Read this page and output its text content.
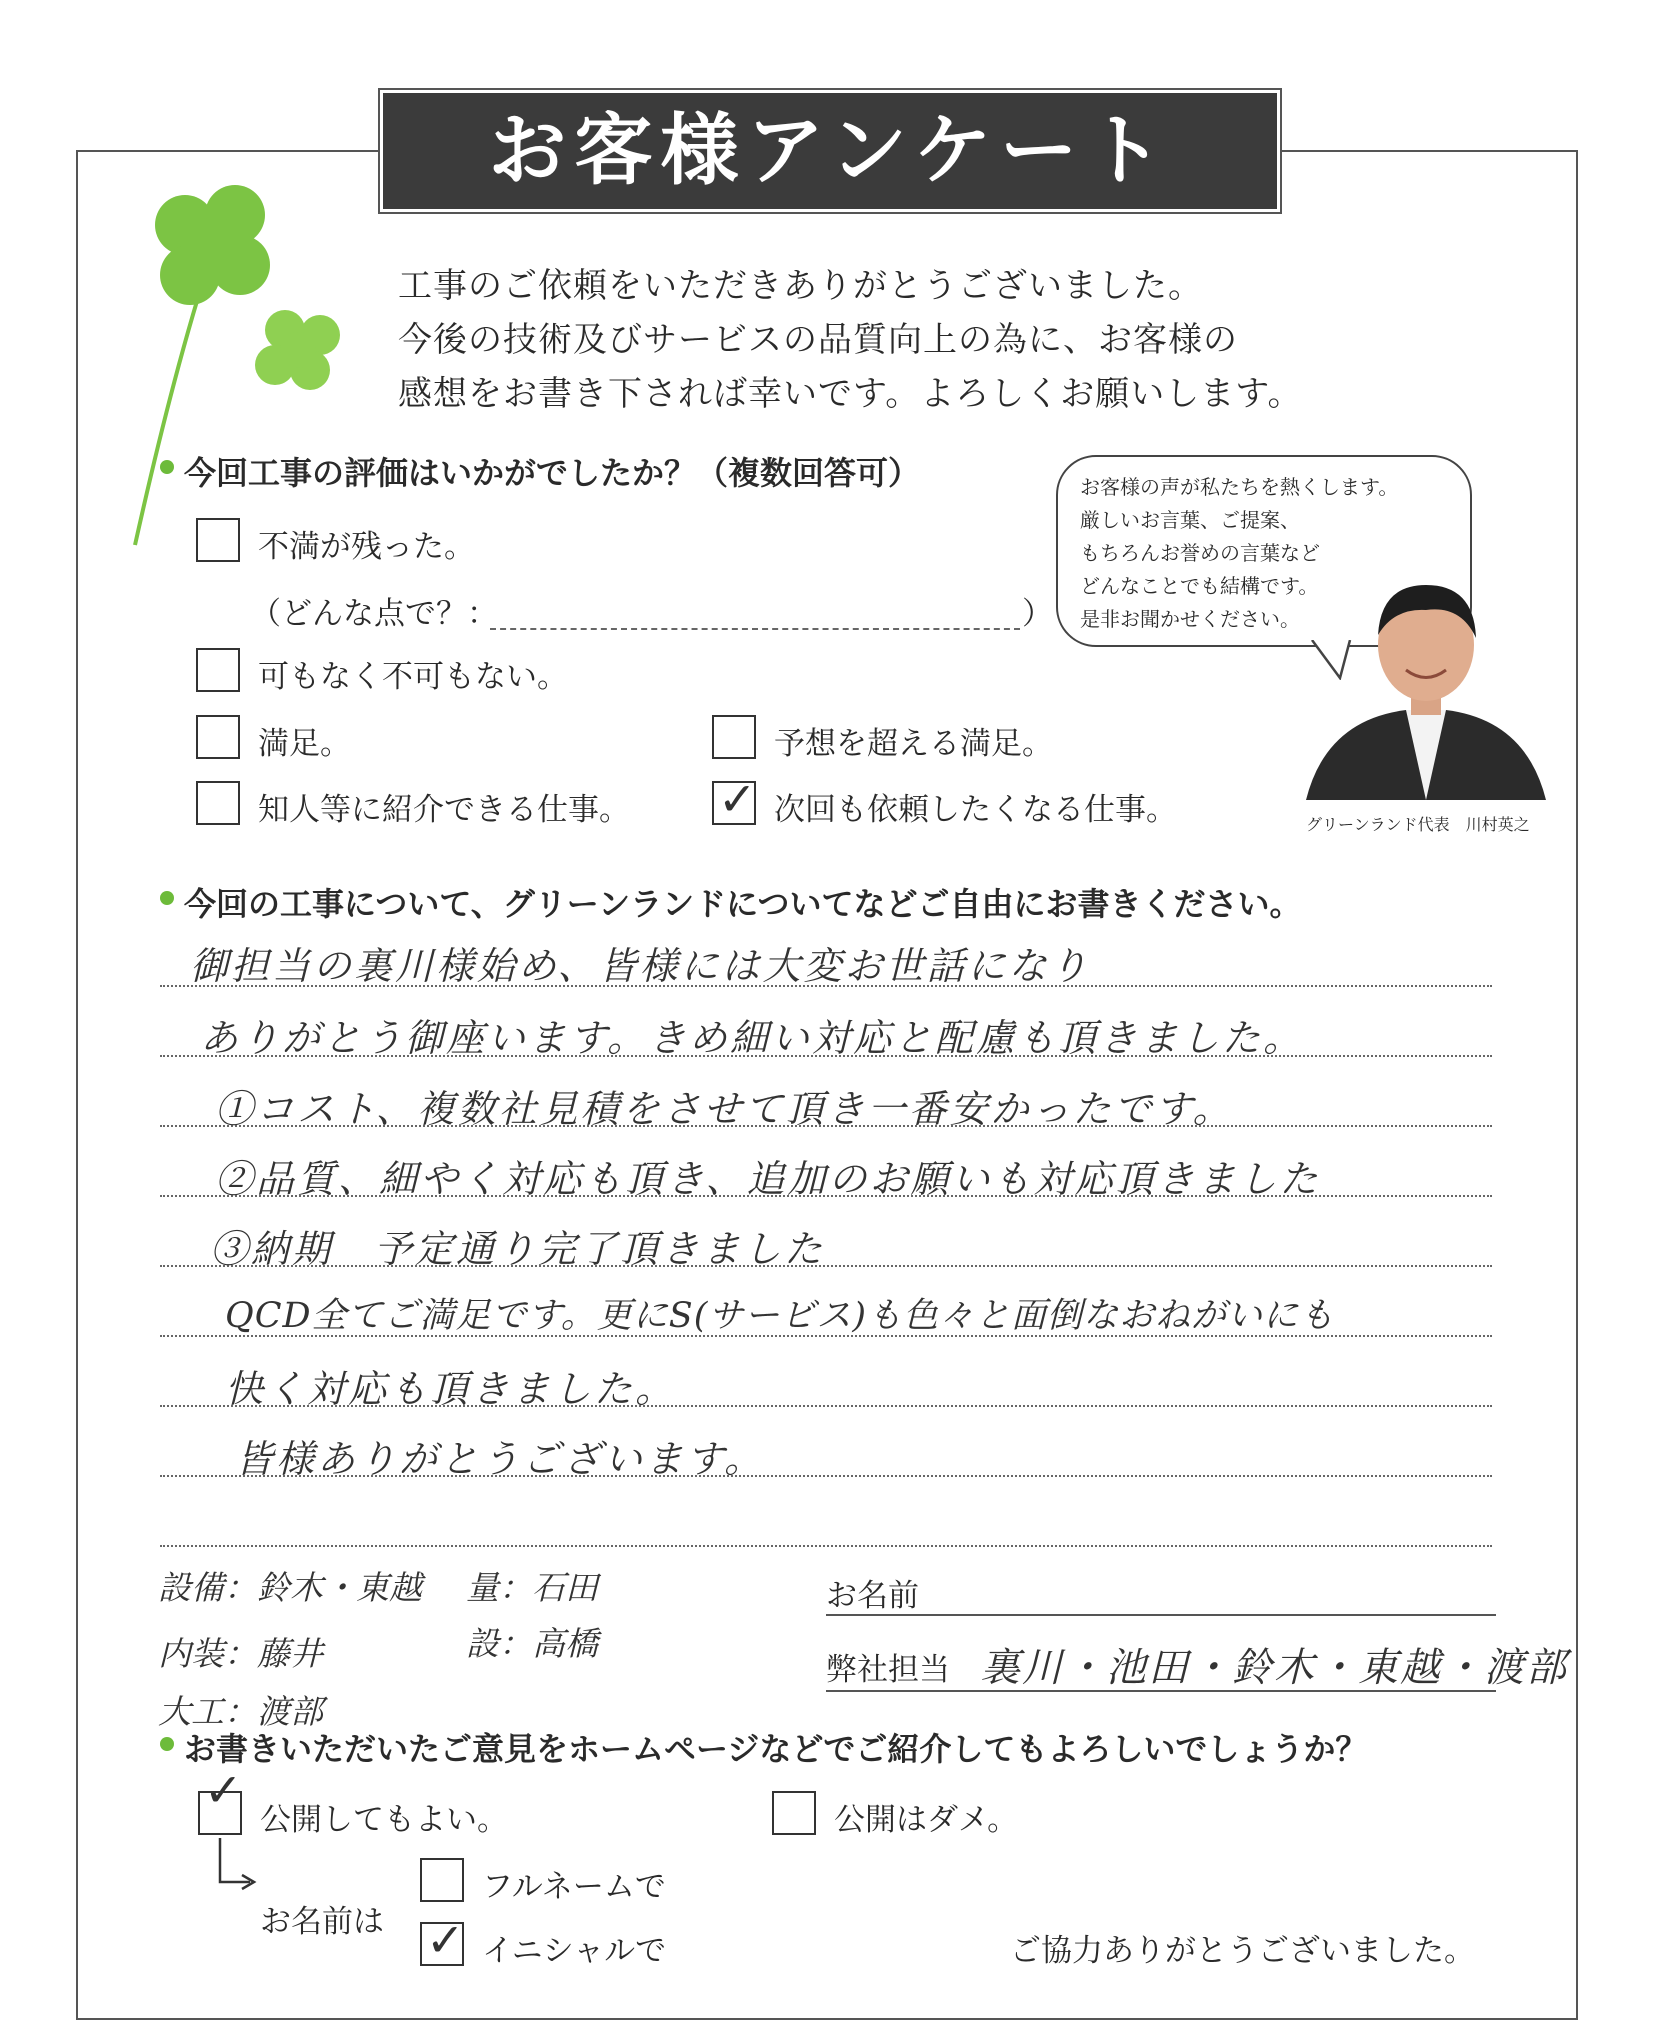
お客様アンケート
工事のご依頼をいただきありがとうございました。
今後の技術及びサービスの品質向上の為に、お客様の
感想をお書き下されば幸いです。よろしくお願いします。
お客様の声が私たちを熱くします。
厳しいお言葉、ご提案、
もちろんお誉めの言葉など
どんなことでも結構です。
是非お聞かせください。
グリーンランド代表　川村英之
今回工事の評価はいかがでしたか？（複数回答可）
不満が残った。
（どんな点で？：	）
可もなく不可もない。
満足。	予想を超える満足。
知人等に紹介できる仕事。 ✓ 次回も依頼したくなる仕事。
今回の工事について、グリーンランドについてなどご自由にお書きください。
御担当の裏川様始め、皆様には大変お世話になり
ありがとう御座います。きめ細い対応と配慮も頂きました。
①コスト、複数社見積をさせて頂き一番安かったです。
②品質、細やく対応も頂き、追加のお願いも対応頂きました
③納期　予定通り完了頂きました
QCD全てご満足です。更にS(サービス)も色々と面倒なおねがいにも
快く対応も頂きました。
皆様ありがとうございます。
設備：鈴木・東越
内装：藤井
大工：渡部
量：石田
設：高橋
お名前
弊社担当 裏川・池田・鈴木・東越・渡部
お書きいただいたご意見をホームページなどでご紹介してもよろしいでしょうか？
✓
公開してもよい。	公開はダメ。
お名前は
フルネームで
✓ イニシャルで	ご協力ありがとうございました。
